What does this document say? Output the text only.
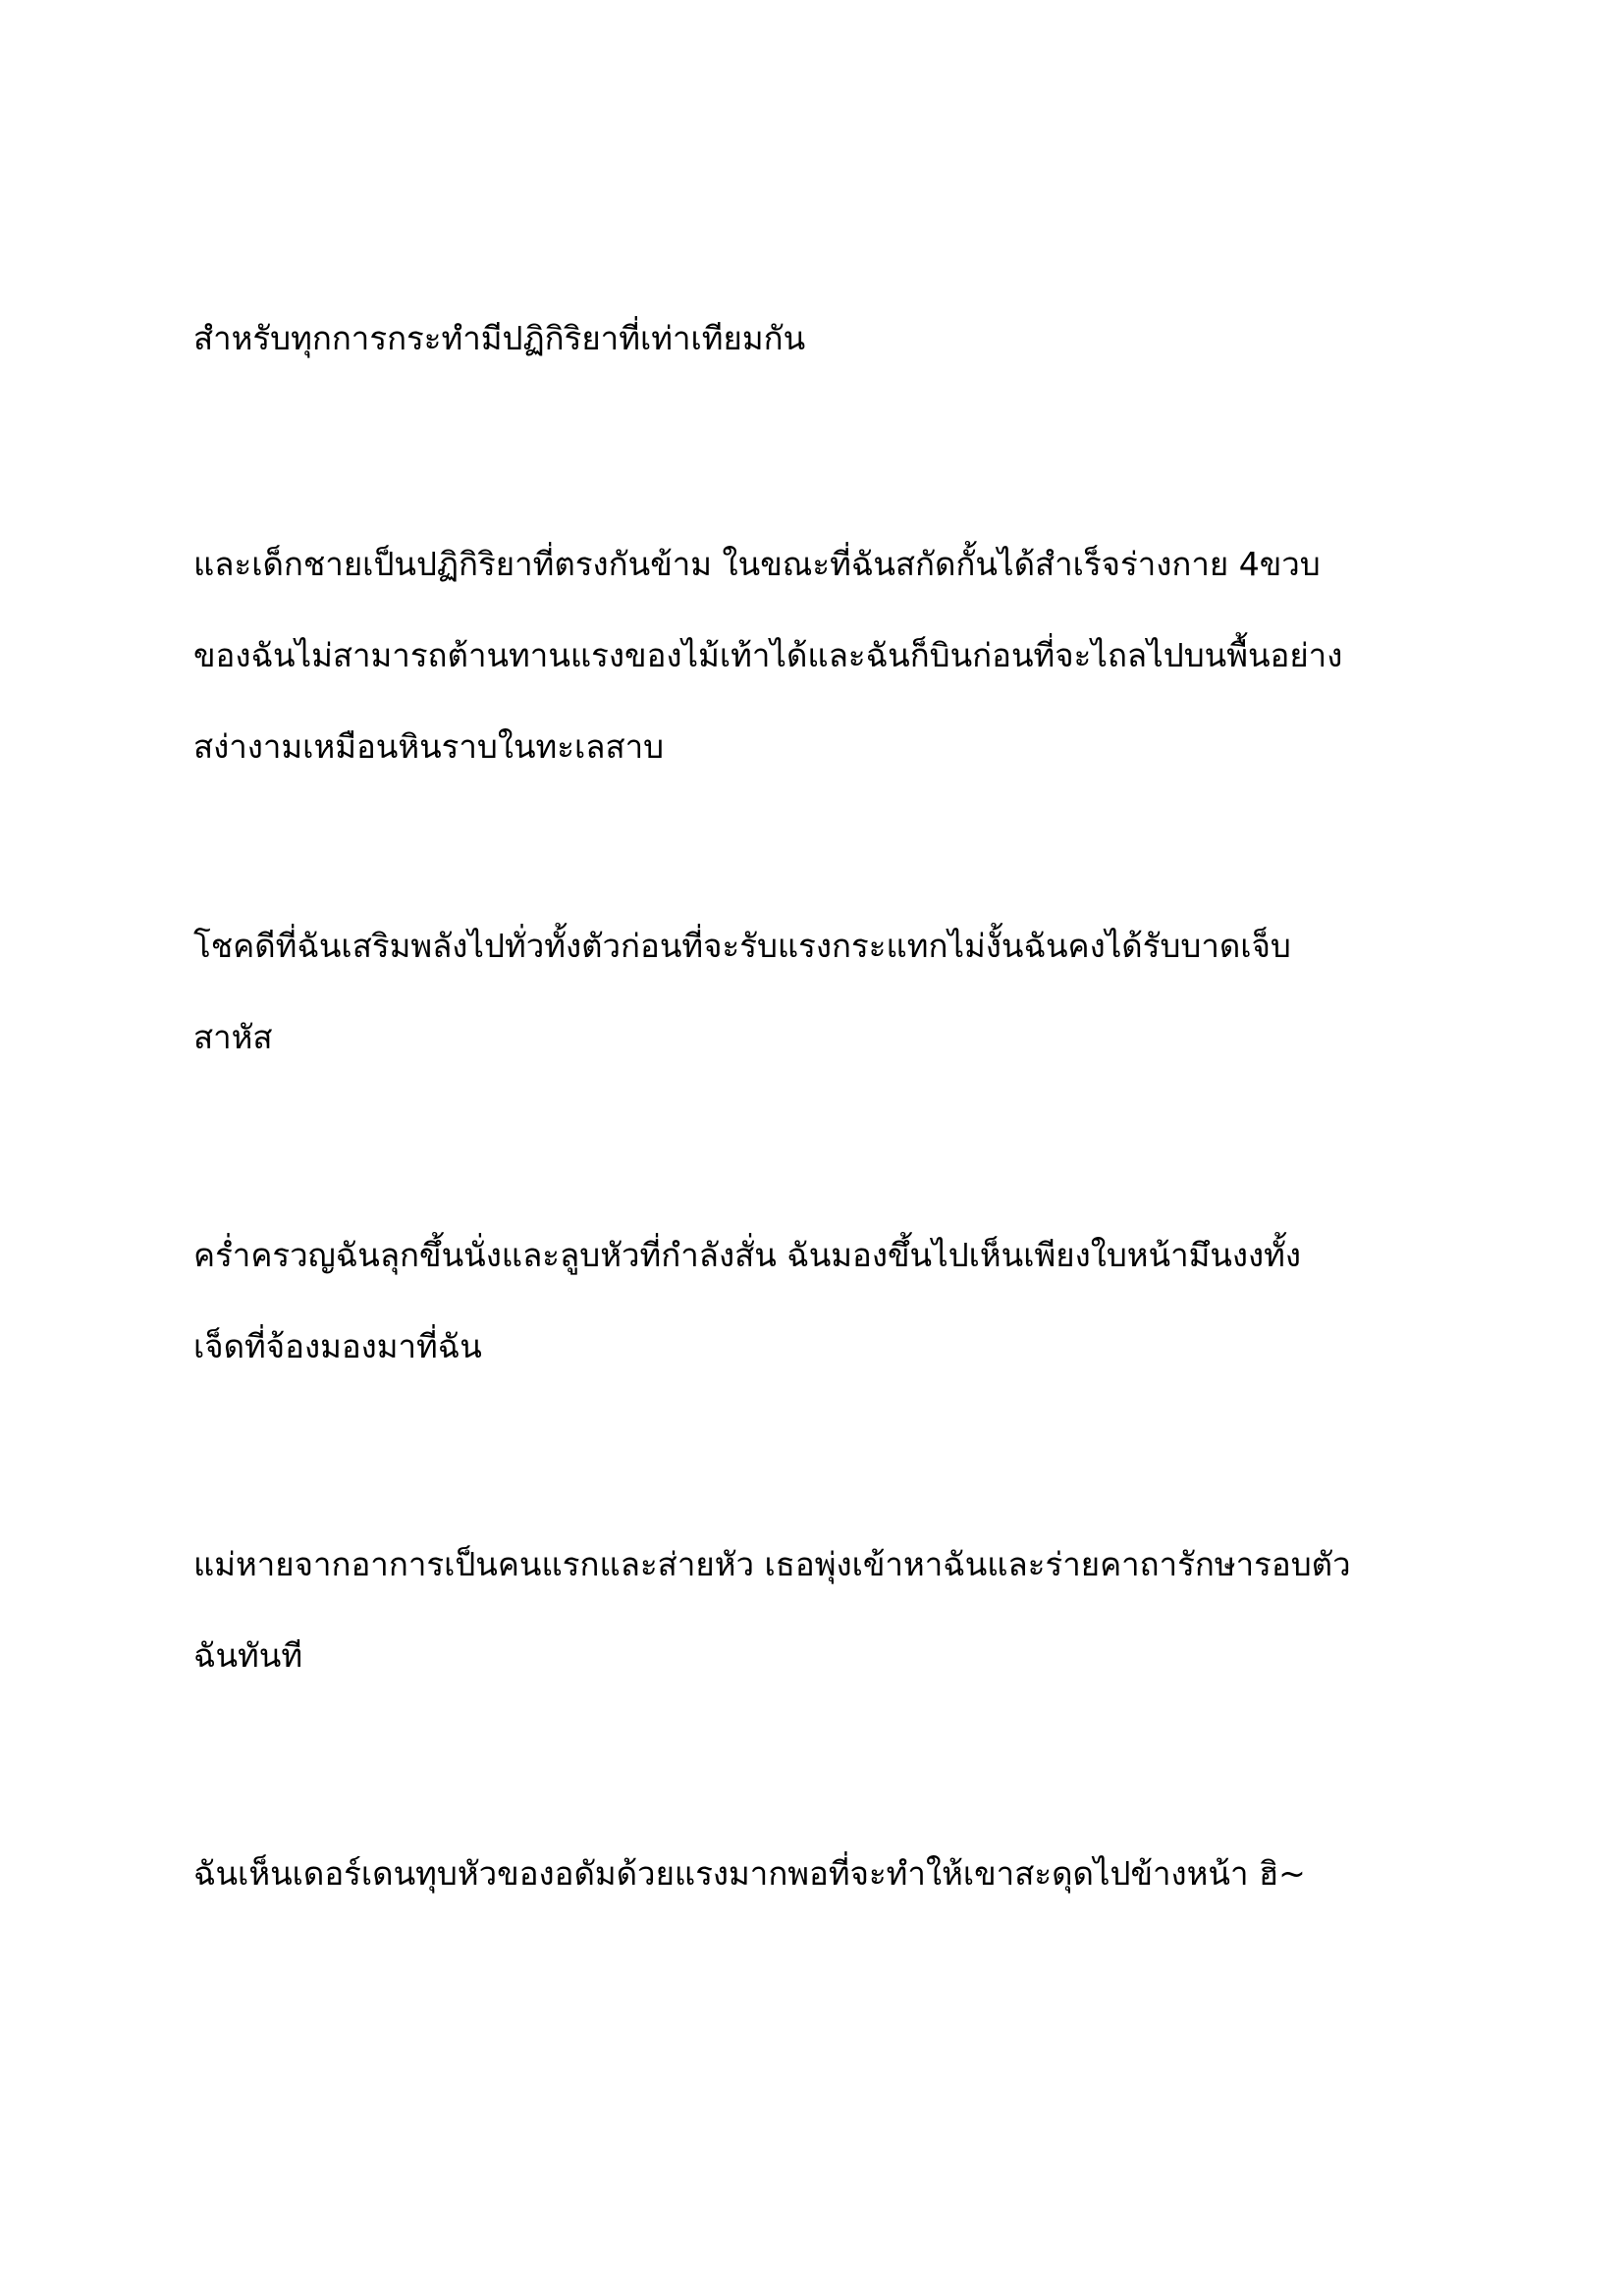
สำหรับทุกการกระทำมีปฏิกิริยาที่เท่าเทียมกัน

และเด็กชายเป็นปฏิกิริยาที่ตรงกันข้าม ในขณะที่ฉันสกัดกั้นได้สำเร็จร่างกาย 4ขวบ
ของฉันไม่สามารถต้านทานแรงของไม้เท้าได้และฉันก็บินก่อนที่จะไถลไปบนพื้นอย่าง
สง่างามเหมือนหินราบในทะเลสาบ

โชคดีที่ฉันเสริมพลังไปทั่วทั้งตัวก่อนที่จะรับแรงกระแทกไม่งั้นฉันคงได้รับบาดเจ็บ
สาหัส

คร่ำครวญฉันลุกขึ้นนั่งและลูบหัวที่กำลังสั่น ฉันมองขึ้นไปเห็นเพียงใบหน้ามึนงงทั้ง
เจ็ดที่จ้องมองมาที่ฉัน

แม่หายจากอาการเป็นคนแรกและส่ายหัว เธอพุ่งเข้าหาฉันและร่ายคาถารักษารอบตัว
ฉันทันที

ฉันเห็นเดอร์เดนทุบหัวของอดัมด้วยแรงมากพอที่จะทำให้เขาสะดุดไปข้างหน้า ฮิ~
